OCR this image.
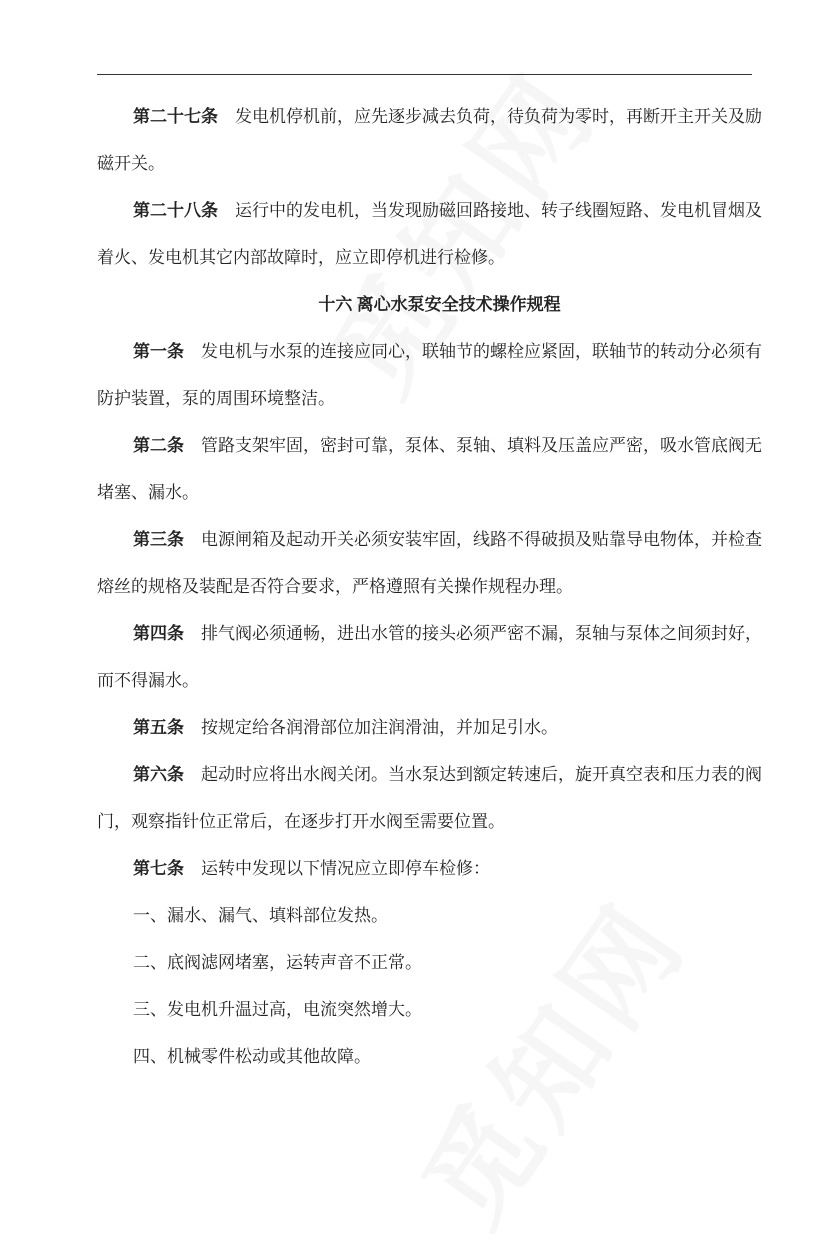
第二十七条 发电机停机前，应先逐步减去负荷，待负荷为零时，再断开主开关及励
磁开关。
第二十八条 运行中的发电机，当发现励磁回路接地、转子线圈短路、发电机冒烟及
着火、发电机其它内部故障时，应立即停机进行检修。
十六 离心水泵安全技术操作规程
第一条 发电机与水泵的连接应同心，联轴节的螺栓应紧固，联轴节的转动分必须有
防护装置，泵的周围环境整洁。
第二条 管路支架牢固，密封可靠，泵体、泵轴、填料及压盖应严密，吸水管底阀无
堵塞、漏水。
第三条 电源闸箱及起动开关必须安装牢固，线路不得破损及贴靠导电物体，并检查
熔丝的规格及装配是否符合要求，严格遵照有关操作规程办理。
第四条 排气阀必须通畅，进出水管的接头必须严密不漏，泵轴与泵体之间须封好，
而不得漏水。
第五条 按规定给各润滑部位加注润滑油，并加足引水。
第六条 起动时应将出水阀关闭。当水泵达到额定转速后，旋开真空表和压力表的阀
门，观察指针位正常后，在逐步打开水阀至需要位置。
第七条 运转中发现以下情况应立即停车检修：
一、漏水、漏气、填料部位发热。
二、底阀滤网堵塞，运转声音不正常。
三、发电机升温过高，电流突然增大。
四、机械零件松动或其他故障。
